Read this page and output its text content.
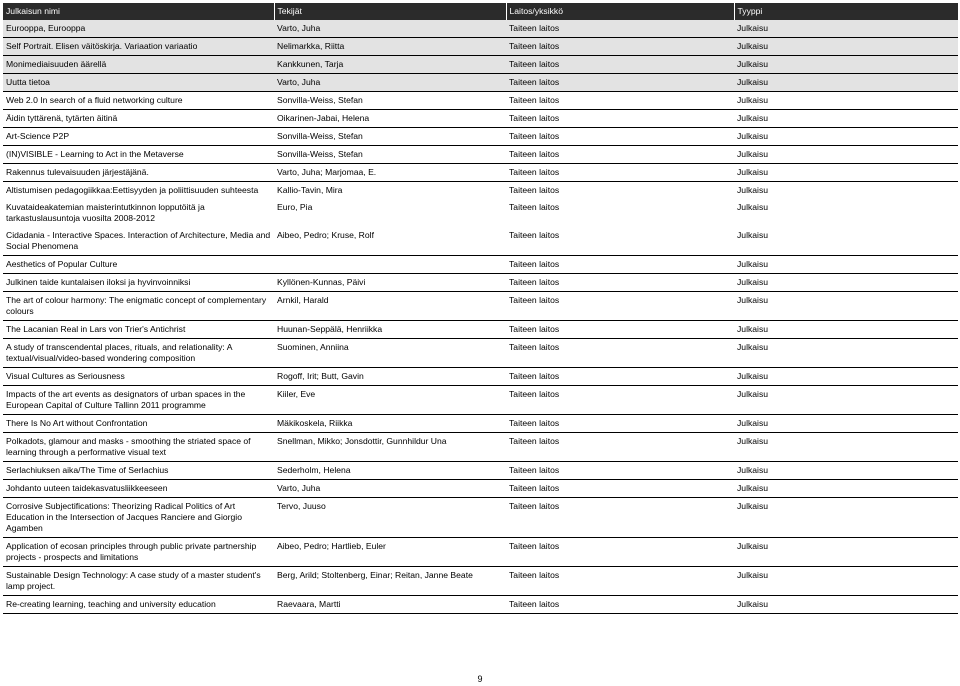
Julkaisun nimi	Tekijät	Laitos/yksikkö	Tyyppi
Eurooppa, Eurooppa	Varto, Juha	Taiteen laitos	Julkaisu
Self Portrait. Elisen väitöskirja. Variaation variaatio	Nelimarkka, Riitta	Taiteen laitos	Julkaisu
Monimediaisuuden äärellä	Kankkunen, Tarja	Taiteen laitos	Julkaisu
Uutta tietoa	Varto, Juha	Taiteen laitos	Julkaisu
Web 2.0 In search of a fluid networking culture	Sonvilla-Weiss, Stefan	Taiteen laitos	Julkaisu
Äidin tyttärenä, tytärten äitinä	Oikarinen-Jabai, Helena	Taiteen laitos	Julkaisu
Art-Science P2P	Sonvilla-Weiss, Stefan	Taiteen laitos	Julkaisu
(IN)VISIBLE - Learning to Act in the Metaverse	Sonvilla-Weiss, Stefan	Taiteen laitos	Julkaisu
Rakennus tulevaisuuden järjestäjänä.	Varto, Juha; Marjomaa, E.	Taiteen laitos	Julkaisu
Altistumisen pedagogiikkaa:Eettisyyden ja poliittisuuden suhteesta	Kallio-Tavin, Mira	Taiteen laitos	Julkaisu
Kuvataideakatemian maisterintutkinnon lopputöitä ja tarkastuslausuntoja vuosilta 2008-2012	Euro, Pia	Taiteen laitos	Julkaisu
Cidadania - Interactive Spaces. Interaction of Architecture, Media and Social Phenomena	Aibeo, Pedro; Kruse, Rolf	Taiteen laitos	Julkaisu
Aesthetics of Popular Culture		Taiteen laitos	Julkaisu
Julkinen taide kuntalaisen iloksi ja hyvinvoinniksi	Kyllönen-Kunnas, Päivi	Taiteen laitos	Julkaisu
The art of colour harmony: The enigmatic concept of complementary colours	Arnkil, Harald	Taiteen laitos	Julkaisu
The Lacanian Real in Lars von Trier's Antichrist	Huunan-Seppälä, Henriikka	Taiteen laitos	Julkaisu
A study of transcendental places, rituals, and relationality: A textual/visual/video-based wondering composition	Suominen, Anniina	Taiteen laitos	Julkaisu
Visual Cultures as Seriousness	Rogoff, Irit; Butt, Gavin	Taiteen laitos	Julkaisu
Impacts of the art events as designators of urban spaces in the European Capital of Culture Tallinn 2011 programme	Kiiler, Eve	Taiteen laitos	Julkaisu
There Is No Art without Confrontation	Mäkikoskela, Riikka	Taiteen laitos	Julkaisu
Polkadots, glamour and masks - smoothing the striated space of learning through a performative visual text	Snellman, Mikko; Jonsdottir, Gunnhildur Una	Taiteen laitos	Julkaisu
Serlachiuksen aika/The Time of Serlachius	Sederholm, Helena	Taiteen laitos	Julkaisu
Johdanto uuteen taidekasvatusliikkeeseen	Varto, Juha	Taiteen laitos	Julkaisu
Corrosive Subjectifications: Theorizing Radical Politics of Art Education in the Intersection of Jacques Ranciere and Giorgio Agamben	Tervo, Juuso	Taiteen laitos	Julkaisu
Application of ecosan principles through public private partnership projects - prospects and limitations	Aibeo, Pedro; Hartlieb, Euler	Taiteen laitos	Julkaisu
Sustainable Design Technology: A case study of a master student's lamp project.	Berg, Arild; Stoltenberg, Einar; Reitan, Janne Beate	Taiteen laitos	Julkaisu
Re-creating learning, teaching and university education	Raevaara, Martti	Taiteen laitos	Julkaisu
9
